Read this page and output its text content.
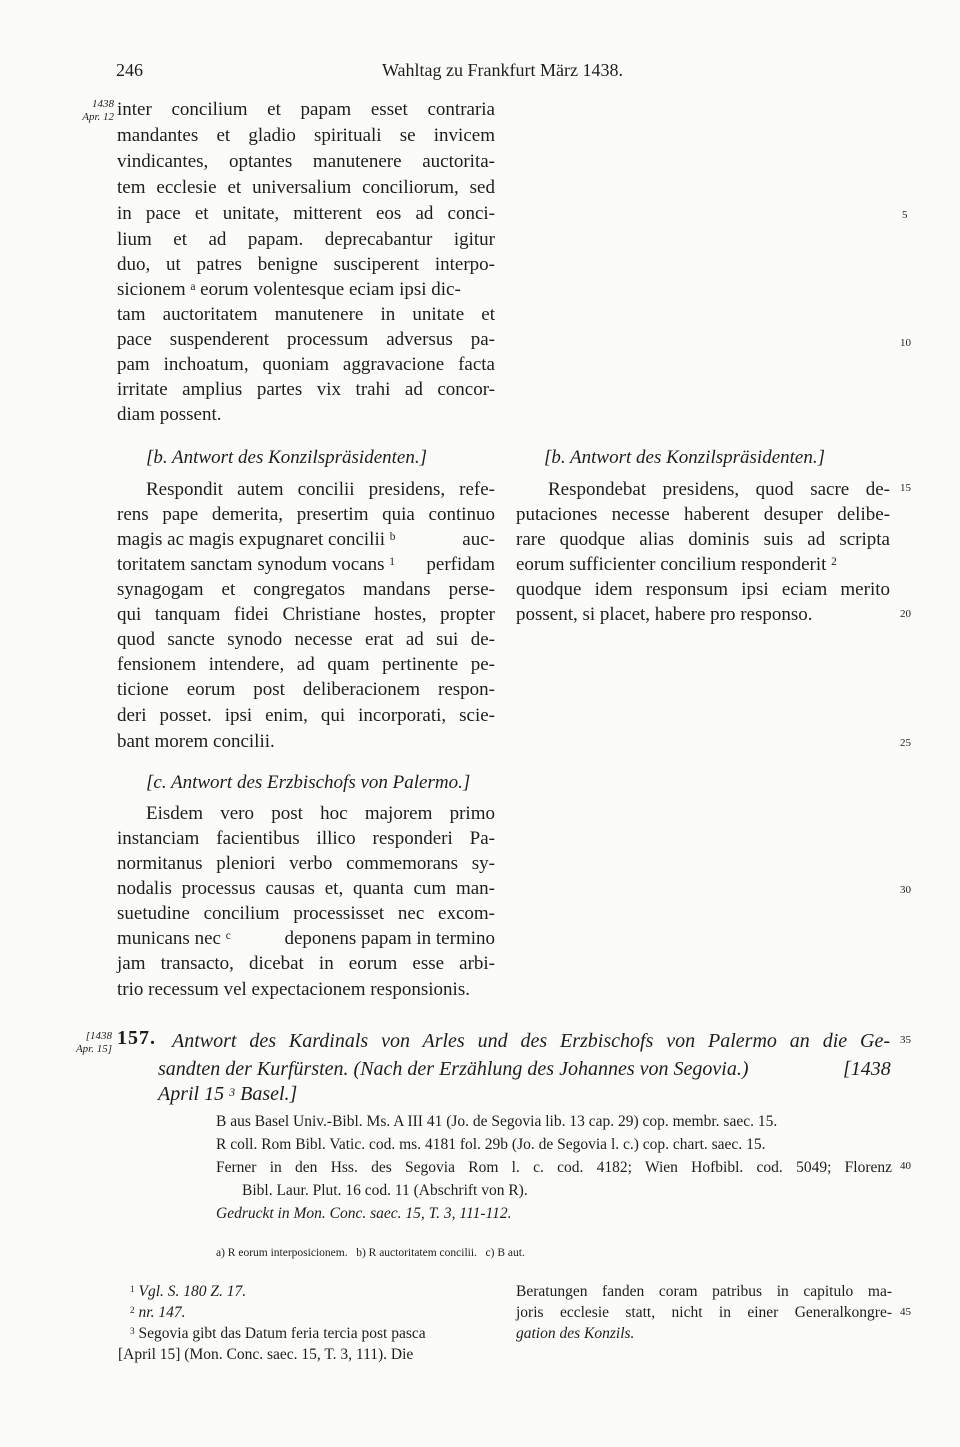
246	Wahltag zu Frankfurt März 1438.
1438
Apr. 12
[1438
Apr. 15]
5
10
15
20
25
30
35
40
45
inter concilium et papam esset contraria
mandantes et gladio spirituali se invicem
vindicantes, optantes manutenere auctorita-
tem ecclesie et universalium conciliorum, sed
in pace et unitate, mitterent eos ad conci-
lium et ad papam. deprecabantur igitur
duo, ut patres benigne susciperent interpo-
sicionem $^a$ eorum volentesque eciam ipsi dic-
tam auctoritatem manutenere in unitate et
pace suspenderent processum adversus pa-
pam inchoatum, quoniam aggravacione facta
irritate amplius partes vix trahi ad concor-
diam possent.
[b. Antwort des Konzilspräsidenten.]
Respondit autem concilii presidens, refe-
rens pape demerita, presertim quia continuo
magis ac magis expugnaret concilii $^b$	auc-
toritatem sanctam synodum vocans $^1$ perfidam
synagogam et congregatos mandans perse-
qui tanquam fidei Christiane hostes, propter
quod sancte synodo necesse erat ad sui de-
fensionem intendere, ad quam pertinente pe-
ticione eorum post deliberacionem respon-
deri posset. ipsi enim, qui incorporati, scie-
bant morem concilii.
[b. Antwort des Konzilspräsidenten.]
Respondebat presidens, quod sacre de-
putaciones necesse haberent desuper delibe-
rare quodque alias dominis suis ad scripta
eorum sufficienter concilium responderit $^2$
quodque idem responsum ipsi eciam merito
possent, si placet, habere pro responso.
[c. Antwort des Erzbischofs von Palermo.]
Eisdem vero post hoc majorem primo
instanciam facientibus illico responderi Pa-
normitanus pleniori verbo commemorans sy-
nodalis processus causas et, quanta cum man-
suetudine concilium processisset nec excom-
municans nec $^c$	deponens papam in termino
jam transacto, dicebat in eorum esse arbi-
trio recessum vel expectacionem responsionis.
157. Antwort des Kardinals von Arles und des Erzbischofs von Palermo an die Ge-
sandten der Kurfürsten. (Nach der Erzählung des Johannes von Segovia.)	[1438
April 15 $^3$ Basel.]
B aus Basel Univ.-Bibl. Ms. A III 41 (Jo. de Segovia lib. 13 cap. 29) cop. membr. saec. 15.
R coll. Rom Bibl. Vatic. cod. ms. 4181 fol. 29b (Jo. de Segovia l. c.) cop. chart. saec. 15.
Ferner in den Hss. des Segovia Rom l. c. cod. 4182; Wien Hofbibl. cod. 5049; Florenz
Bibl. Laur. Plut. 16 cod. 11 (Abschrift von R).
Gedruckt in Mon. Conc. saec. 15, T. 3, 111-112.
a) R eorum interposicionem.   b) R auctoritatem concilii.   c) B aut.
$^1$ Vgl. S. 180 Z. 17.
$^2$ nr. 147.
$^3$ Segovia gibt das Datum feria tercia post pasca
[April 15] (Mon. Conc. saec. 15, T. 3, 111). Die
Beratungen fanden coram patribus in capitulo ma-
joris ecclesie statt, nicht in einer Generalkongre-
gation des Konzils.
